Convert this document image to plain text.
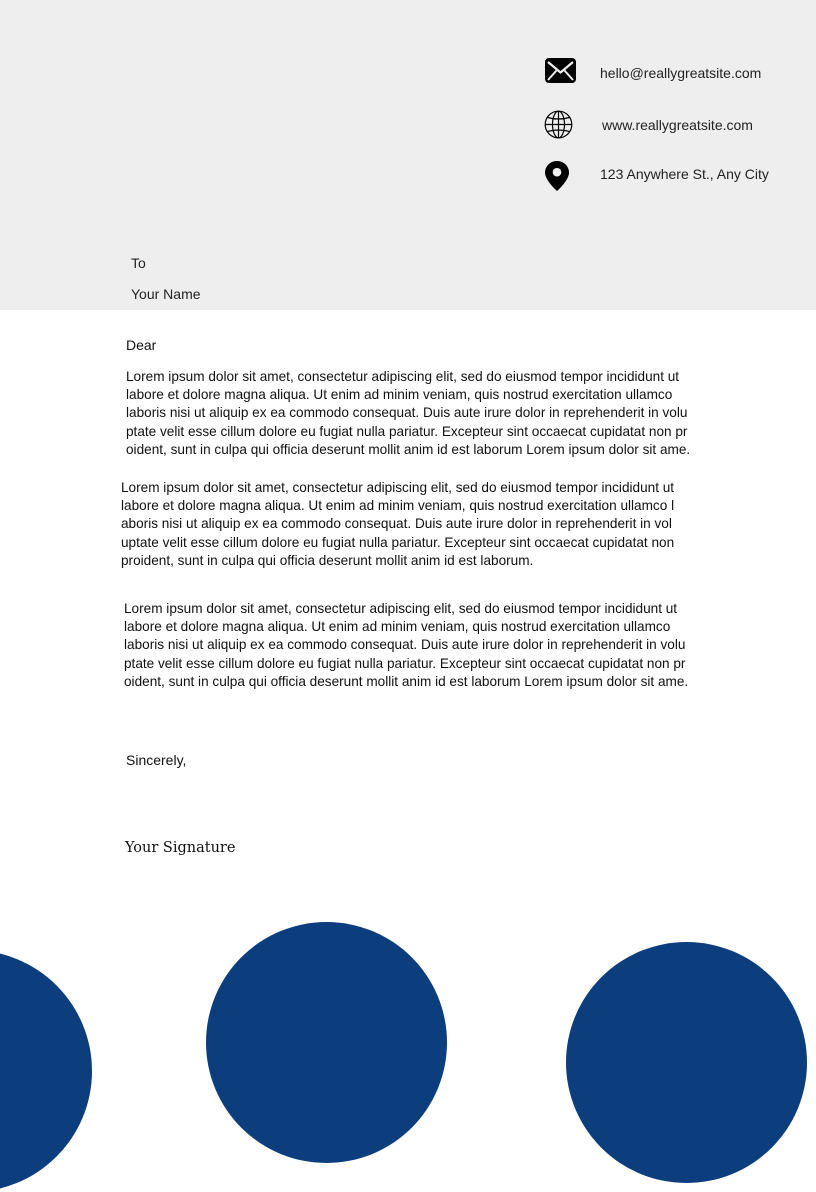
hello@reallygreatsite.com
www.reallygreatsite.com
123 Anywhere St., Any City
To
Your Name
Dear

Lorem ipsum dolor sit amet, consectetur adipiscing elit, sed do eiusmod tempor incididunt ut
labore et dolore magna aliqua. Ut enim ad minim veniam, quis nostrud exercitation ullamco
laboris nisi ut aliquip ex ea commodo consequat. Duis aute irure dolor in reprehenderit in volu
ptate velit esse cillum dolore eu fugiat nulla pariatur. Excepteur sint occaecat cupidatat non pr
oident, sunt in culpa qui officia deserunt mollit anim id est laborum Lorem ipsum dolor sit ame.

Lorem ipsum dolor sit amet, consectetur adipiscing elit, sed do eiusmod tempor incididunt ut
labore et dolore magna aliqua. Ut enim ad minim veniam, quis nostrud exercitation ullamco l
aboris nisi ut aliquip ex ea commodo consequat. Duis aute irure dolor in reprehenderit in vol
uptate velit esse cillum dolore eu fugiat nulla pariatur. Excepteur sint occaecat cupidatat non
proident, sunt in culpa qui officia deserunt mollit anim id est laborum.

Lorem ipsum dolor sit amet, consectetur adipiscing elit, sed do eiusmod tempor incididunt ut
labore et dolore magna aliqua. Ut enim ad minim veniam, quis nostrud exercitation ullamco
laboris nisi ut aliquip ex ea commodo consequat. Duis aute irure dolor in reprehenderit in volu
ptate velit esse cillum dolore eu fugiat nulla pariatur. Excepteur sint occaecat cupidatat non pr
oident, sunt in culpa qui officia deserunt mollit anim id est laborum Lorem ipsum dolor sit ame.

Sincerely,
Your Signature
